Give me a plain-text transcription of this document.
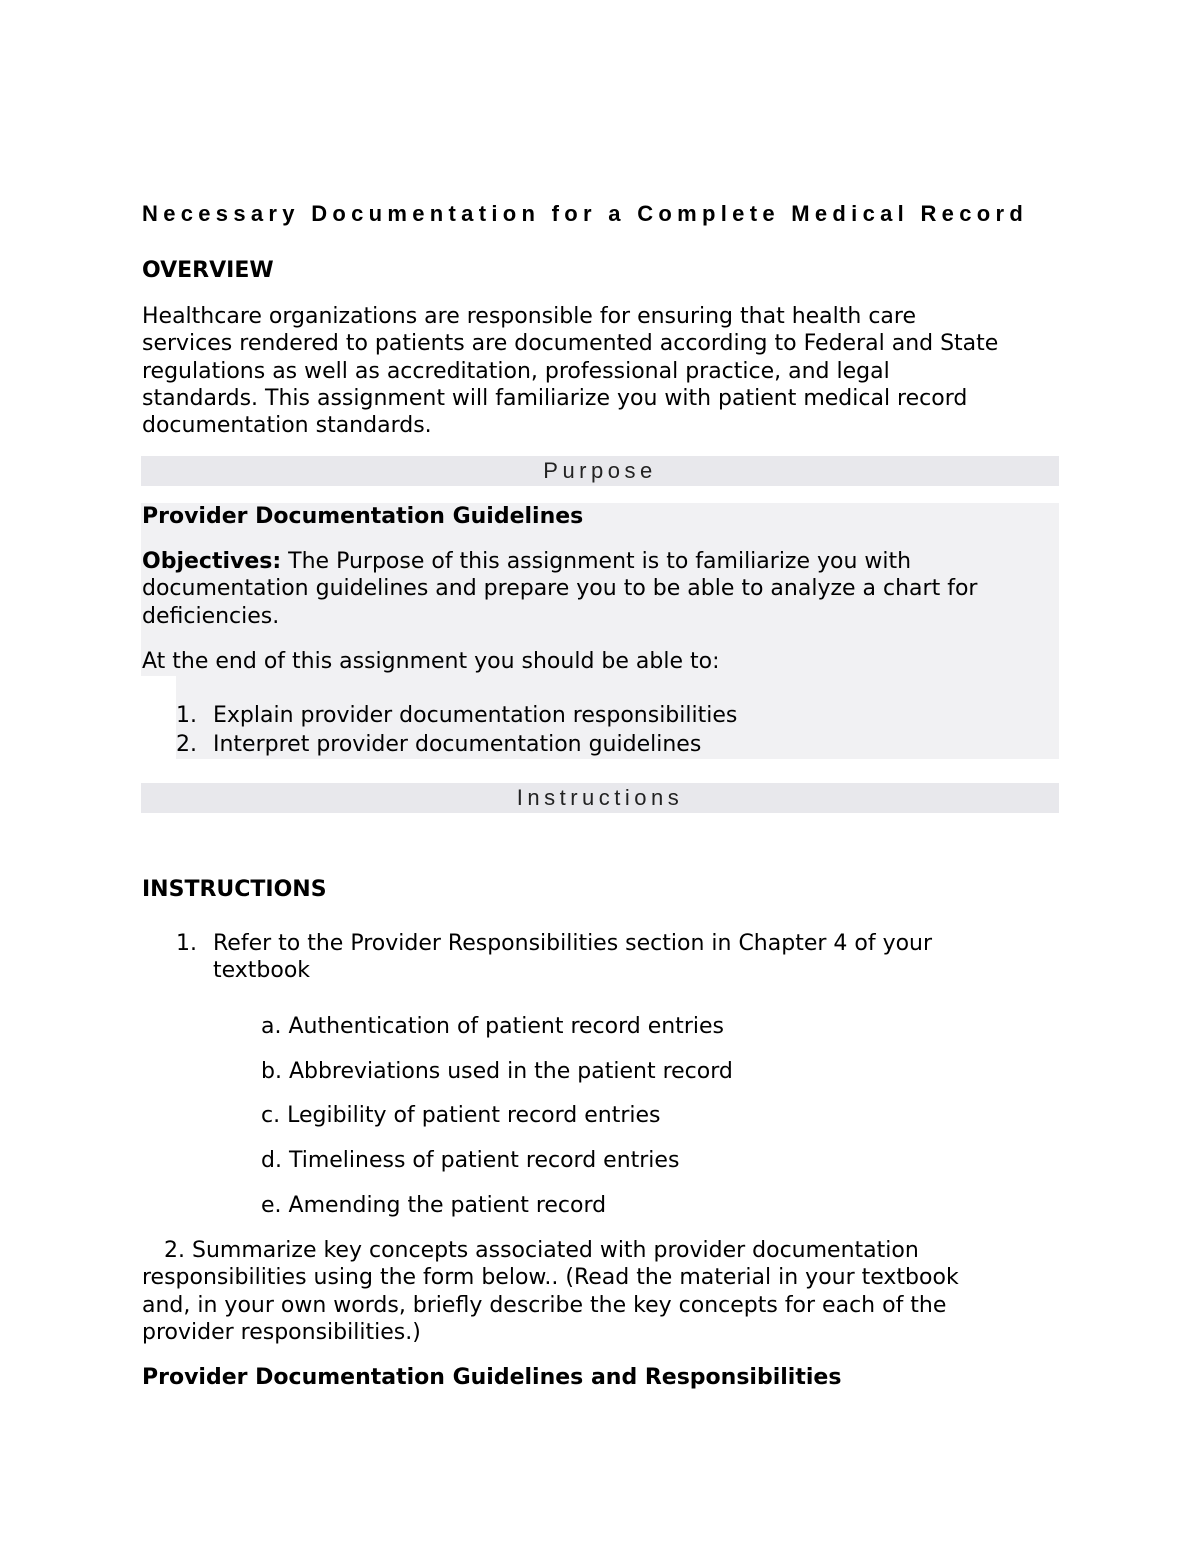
Necessary Documentation for a Complete Medical Record
OVERVIEW
Healthcare organizations are responsible for ensuring that health care
services rendered to patients are documented according to Federal and State
regulations as well as accreditation, professional practice, and legal
standards. This assignment will familiarize you with patient medical record
documentation standards.
Purpose
Provider Documentation Guidelines
Objectives: The Purpose of this assignment is to familiarize you with
documentation guidelines and prepare you to be able to analyze a chart for
deficiencies.
At the end of this assignment you should be able to:
1. Explain provider documentation responsibilities
2. Interpret provider documentation guidelines
Instructions
INSTRUCTIONS
1. Refer to the Provider Responsibilities section in Chapter 4 of your
textbook
a. Authentication of patient record entries
b. Abbreviations used in the patient record
c. Legibility of patient record entries
d. Timeliness of patient record entries
e. Amending the patient record
2. Summarize key concepts associated with provider documentation
responsibilities using the form below.. (Read the material in your textbook
and, in your own words, briefly describe the key concepts for each of the
provider responsibilities.)
Provider Documentation Guidelines and Responsibilities
